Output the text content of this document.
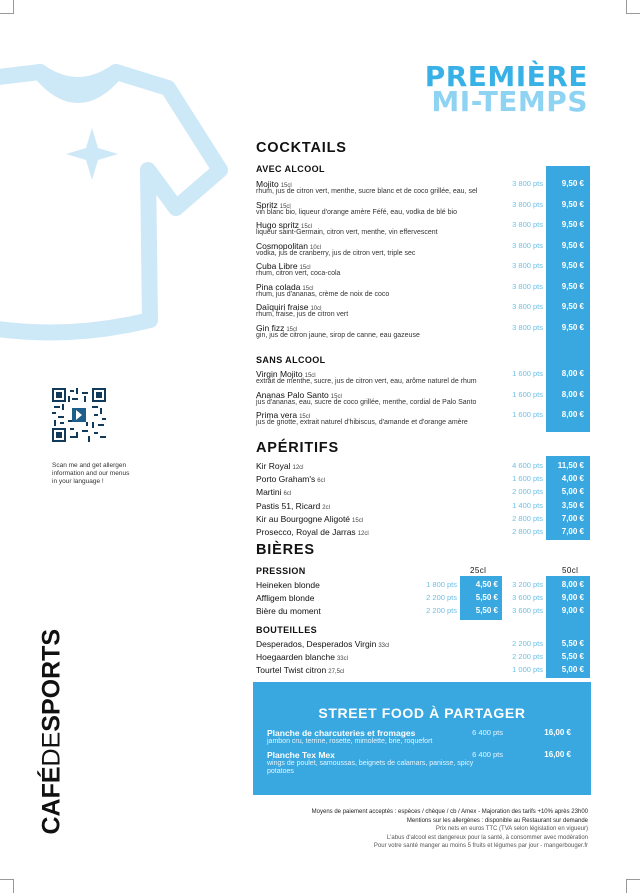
PREMIÈRE
MI-TEMPS
Scan me and get allergen information and our menus in your language !
CAFÉDESPORTS
COCKTAILS
AVEC ALCOOL
Mojito 15cl
rhum, jus de citron vert, menthe, sucre blanc et de coco grillée, eau, sel
3 800 pts 9,50 €
Spritz 15cl
vin blanc bio, liqueur d'orange amère Féfé, eau, vodka de blé bio
3 800 pts 9,50 €
Hugo spritz 15cl
liqueur saint-Germain, citron vert, menthe, vin effervescent
3 800 pts 9,50 €
Cosmopolitan 10cl
vodka, jus de cranberry, jus de citron vert, triple sec
3 800 pts 9,50 €
Cuba Libre 15cl
rhum, citron vert, coca-cola
3 800 pts 9,50 €
Pina colada 15cl
rhum, jus d'ananas, crème de noix de coco
3 800 pts 9,50 €
Daïquiri fraise 10cl
rhum, fraise, jus de citron vert
3 800 pts 9,50 €
Gin fizz 15cl
gin, jus de citron jaune, sirop de canne, eau gazeuse
3 800 pts 9,50 €
SANS ALCOOL
Virgin Mojito 15cl
extrait de menthe, sucre, jus de citron vert, eau, arôme naturel de rhum
1 600 pts 8,00 €
Ananas Palo Santo 15cl
jus d'ananas, eau, sucre de coco grillée, menthe, cordial de Palo Santo
1 600 pts 8,00 €
Prima vera 15cl
jus de griotte, extrait naturel d'hibiscus, d'amande et d'orange amère
1 600 pts 8,00 €
APÉRITIFS
Kir Royal 12cl	4 600 pts 11,50 €
Porto Graham's 6cl	1 600 pts 4,00 €
Martini 6cl	2 000 pts 5,00 €
Pastis 51, Ricard 2cl	1 400 pts 3,50 €
Kir au Bourgogne Aligoté 15cl	2 800 pts 7,00 €
Prosecco, Royal de Jarras 12cl	2 800 pts 7,00 €
BIÈRES
PRESSION	25cl	50cl
Heineken blonde	1 800 pts 4,50 € 3 200 pts 8,00 €
Affligem blonde	2 200 pts 5,50 € 3 600 pts 9,00 €
Bière du moment	2 200 pts 5,50 € 3 600 pts 9,00 €
BOUTEILLES
Desperados, Desperados Virgin 33cl	2 200 pts 5,50 €
Hoegaarden blanche 33cl	2 200 pts 5,50 €
Tourtel Twist citron 27,5cl	1 000 pts 5,00 €
STREET FOOD À PARTAGER
Planche de charcuteries et fromages
jambon cru, terrine, rosette, mimolette, brie, roquefort
6 400 pts	16,00 €
Planche Tex Mex
wings de poulet, samoussas, beignets de calamars, panisse, spicy potatoes
6 400 pts	16,00 €
Moyens de paiement acceptés : espèces / chèque / cb / Amex - Majoration des tarifs +10% après 23h00
Mentions sur les allergènes : disponible au Restaurant sur demande
Prix nets en euros TTC (TVA selon législation en vigueur)
L'abus d'alcool est dangereux pour la santé, à consommer avec modération
Pour votre santé manger au moins 5 fruits et légumes par jour - mangerbouger.fr
